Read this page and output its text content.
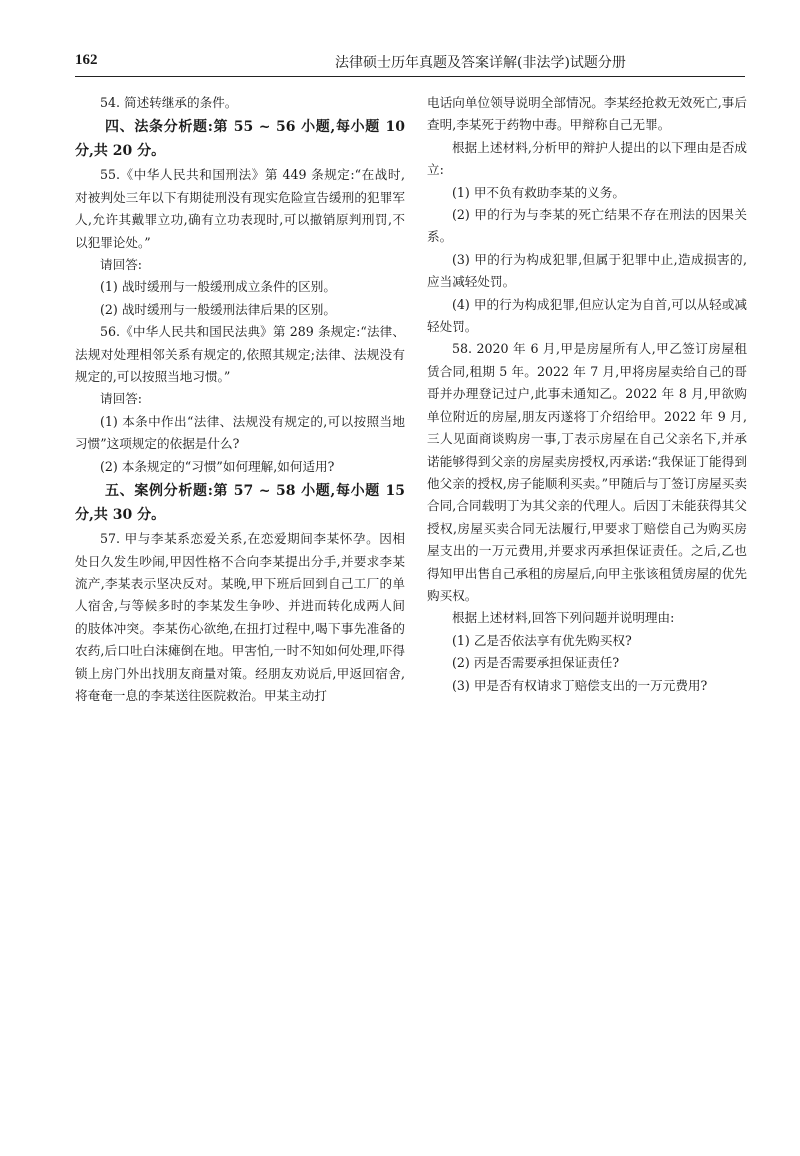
162	法律硕士历年真题及答案详解(非法学)试题分册

54. 简述转继承的条件。

四、法条分析题:第 55 ~ 56 小题,每小题 10 分,共 20 分。

55.《中华人民共和国刑法》第 449 条规定:“在战时,对被判处三年以下有期徒刑没有现实危险宣告缓刑的犯罪军人,允许其戴罪立功,确有立功表现时,可以撤销原判刑罚,不以犯罪论处。”

请回答:

(1) 战时缓刑与一般缓刑成立条件的区别。

(2) 战时缓刑与一般缓刑法律后果的区别。

56.《中华人民共和国民法典》第 289 条规定:“法律、法规对处理相邻关系有规定的,依照其规定;法律、法规没有规定的,可以按照当地习惯。”

请回答:

(1) 本条中作出“法律、法规没有规定的,可以按照当地习惯”这项规定的依据是什么?

(2) 本条规定的“习惯”如何理解,如何适用?

五、案例分析题:第 57 ~ 58 小题,每小题 15 分,共 30 分。

57. 甲与李某系恋爱关系,在恋爱期间李某怀孕。因相处日久发生吵闹,甲因性格不合向李某提出分手,并要求李某流产,李某表示坚决反对。某晚,甲下班后回到自己工厂的单人宿舍,与等候多时的李某发生争吵、并进而转化成两人间的肢体冲突。李某伤心欲绝,在扭打过程中,喝下事先准备的农药,后口吐白沫瘫倒在地。甲害怕,一时不知如何处理,吓得锁上房门外出找朋友商量对策。经朋友劝说后,甲返回宿舍,将奄奄一息的李某送往医院救治。甲某主动打

电话向单位领导说明全部情况。李某经抢救无效死亡,事后查明,李某死于药物中毒。甲辩称自己无罪。

根据上述材料,分析甲的辩护人提出的以下理由是否成立:

(1) 甲不负有救助李某的义务。

(2) 甲的行为与李某的死亡结果不存在刑法的因果关系。

(3) 甲的行为构成犯罪,但属于犯罪中止,造成损害的,应当减轻处罚。

(4) 甲的行为构成犯罪,但应认定为自首,可以从轻或减轻处罚。

58. 2020 年 6 月,甲是房屋所有人,甲乙签订房屋租赁合同,租期 5 年。2022 年 7 月,甲将房屋卖给自己的哥哥并办理登记过户,此事未通知乙。2022 年 8 月,甲欲购单位附近的房屋,朋友丙遂将丁介绍给甲。2022 年 9 月,三人见面商谈购房一事,丁表示房屋在自己父亲名下,并承诺能够得到父亲的房屋卖房授权,丙承诺:“我保证丁能得到他父亲的授权,房子能顺利买卖。”甲随后与丁签订房屋买卖合同,合同载明丁为其父亲的代理人。后因丁未能获得其父授权,房屋买卖合同无法履行,甲要求丁赔偿自己为购买房屋支出的一万元费用,并要求丙承担保证责任。之后,乙也得知甲出售自己承租的房屋后,向甲主张该租赁房屋的优先购买权。

根据上述材料,回答下列问题并说明理由:

(1) 乙是否依法享有优先购买权?

(2) 丙是否需要承担保证责任?

(3) 甲是否有权请求丁赔偿支出的一万元费用?
